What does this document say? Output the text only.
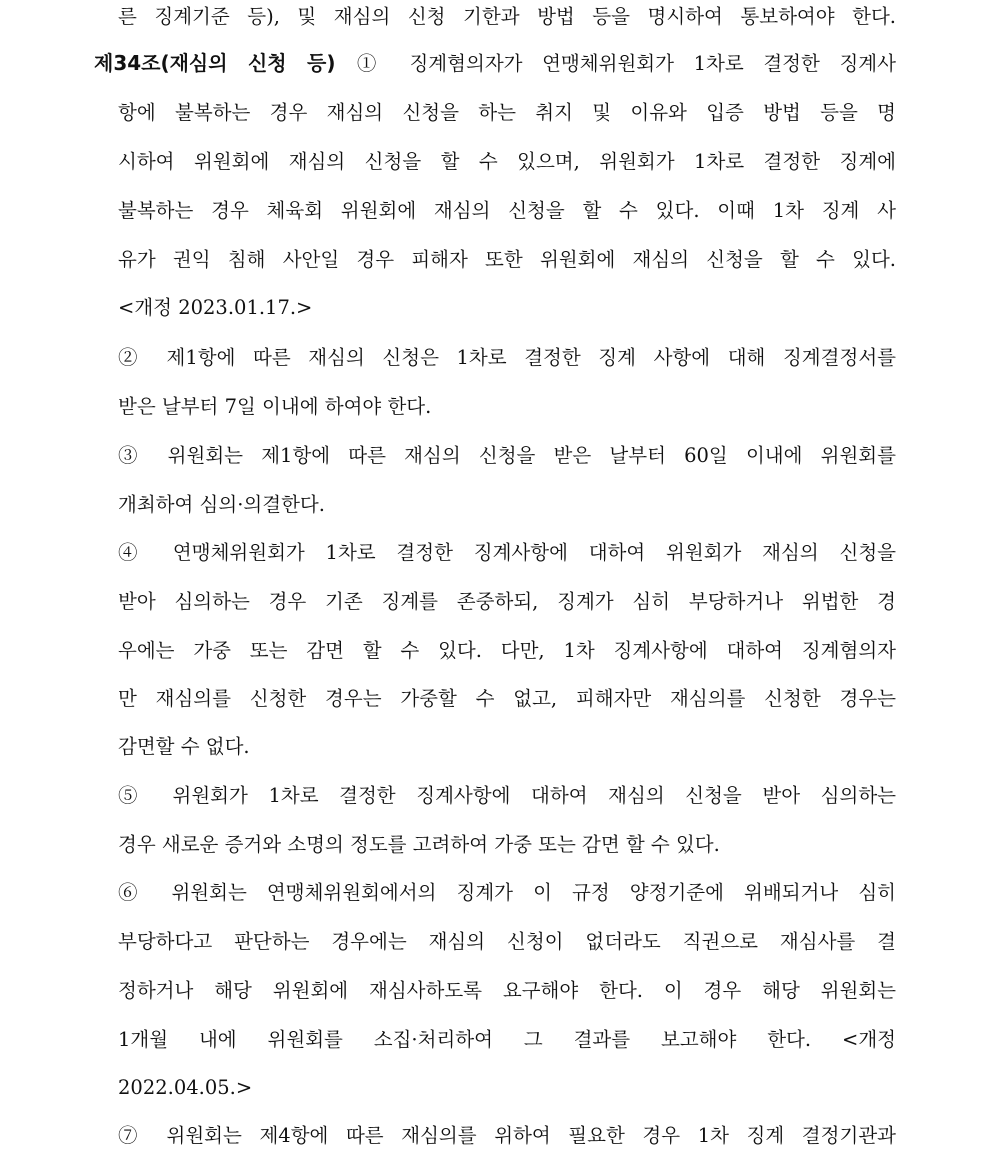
른 징계기준 등), 및 재심의 신청 기한과 방법 등을 명시하여 통보하여야 한다.
제34조(재심의 신청 등) ① 징계혐의자가 연맹체위원회가 1차로 결정한 징계사
항에 불복하는 경우 재심의 신청을 하는 취지 및 이유와 입증 방법 등을 명
시하여 위원회에 재심의 신청을 할 수 있으며, 위원회가 1차로 결정한 징계에
불복하는 경우 체육회 위원회에 재심의 신청을 할 수 있다. 이때 1차 징계 사
유가 권익 침해 사안일 경우 피해자 또한 위원회에 재심의 신청을 할 수 있다.
<개정 2023.01.17.>
② 제1항에 따른 재심의 신청은 1차로 결정한 징계 사항에 대해 징계결정서를
받은 날부터 7일 이내에 하여야 한다.
③ 위원회는 제1항에 따른 재심의 신청을 받은 날부터 60일 이내에 위원회를
개최하여 심의·의결한다.
④ 연맹체위원회가 1차로 결정한 징계사항에 대하여 위원회가 재심의 신청을
받아 심의하는 경우 기존 징계를 존중하되, 징계가 심히 부당하거나 위법한 경
우에는 가중 또는 감면 할 수 있다. 다만, 1차 징계사항에 대하여 징계혐의자
만 재심의를 신청한 경우는 가중할 수 없고, 피해자만 재심의를 신청한 경우는
감면할 수 없다.
⑤ 위원회가 1차로 결정한 징계사항에 대하여 재심의 신청을 받아 심의하는
경우 새로운 증거와 소명의 정도를 고려하여 가중 또는 감면 할 수 있다.
⑥ 위원회는 연맹체위원회에서의 징계가 이 규정 양정기준에 위배되거나 심히
부당하다고 판단하는 경우에는 재심의 신청이 없더라도 직권으로 재심사를 결
정하거나 해당 위원회에 재심사하도록 요구해야 한다. 이 경우 해당 위원회는
1개월 내에 위원회를 소집·처리하여 그 결과를 보고해야 한다. <개정
2022.04.05.>
⑦ 위원회는 제4항에 따른 재심의를 위하여 필요한 경우 1차 징계 결정기관과
